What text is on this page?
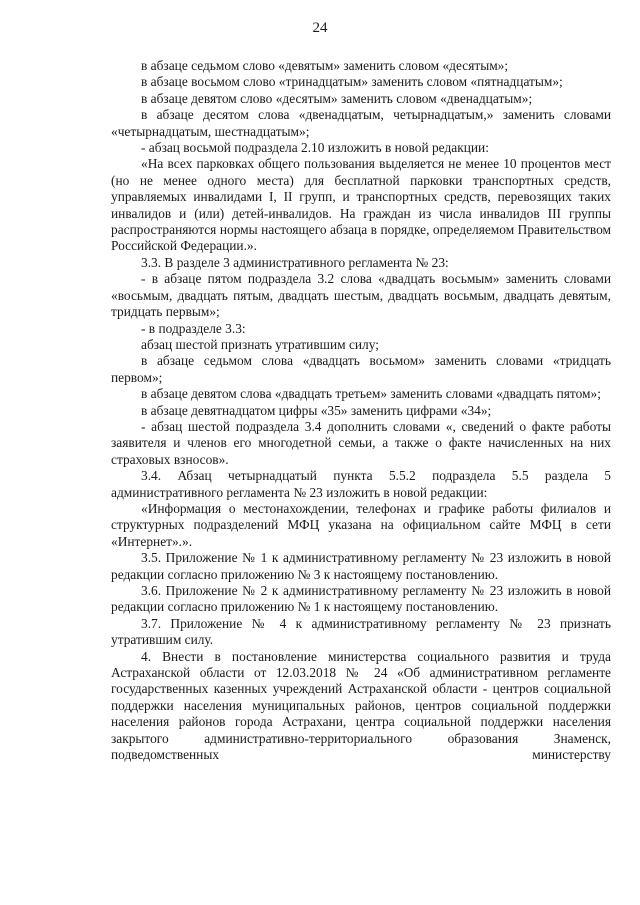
24

в абзаце седьмом слово «девятым» заменить словом «десятым»;

в абзаце восьмом слово «тринадцатым» заменить словом «пятнадцатым»;

в абзаце девятом слово «десятым» заменить словом «двенадцатым»;

в абзаце десятом слова «двенадцатым, четырнадцатым,» заменить словами «четырнадцатым, шестнадцатым»;

- абзац восьмой подраздела 2.10 изложить в новой редакции:

«На всех парковках общего пользования выделяется не менее 10 процентов мест (но не менее одного места) для бесплатной парковки транспортных средств, управляемых инвалидами I, II групп, и транспортных средств, перевозящих таких инвалидов и (или) детей-инвалидов. На граждан из числа инвалидов III группы распространяются нормы настоящего абзаца в порядке, определяемом Правительством Российской Федерации.».

3.3. В разделе 3 административного регламента № 23:

- в абзаце пятом подраздела 3.2 слова «двадцать восьмым» заменить словами «восьмым, двадцать пятым, двадцать шестым, двадцать восьмым, двадцать девятым, тридцать первым»;

- в подразделе 3.3:

абзац шестой признать утратившим силу;

в абзаце седьмом слова «двадцать восьмом» заменить словами «тридцать первом»;

в абзаце девятом слова «двадцать третьем» заменить словами «двадцать пятом»;

в абзаце девятнадцатом цифры «35» заменить цифрами «34»;

- абзац шестой подраздела 3.4 дополнить словами «, сведений о факте работы заявителя и членов его многодетной семьи, а также о факте начисленных на них страховых взносов».

3.4. Абзац четырнадцатый пункта 5.5.2 подраздела 5.5 раздела 5 административного регламента № 23 изложить в новой редакции:

«Информация о местонахождении, телефонах и графике работы филиалов и структурных подразделений МФЦ указана на официальном сайте МФЦ в сети «Интернет».».

3.5. Приложение № 1 к административному регламенту № 23 изложить в новой редакции согласно приложению № 3 к настоящему постановлению.

3.6. Приложение № 2 к административному регламенту № 23 изложить в новой редакции согласно приложению № 1 к настоящему постановлению.

3.7. Приложение № 4 к административному регламенту № 23 признать утратившим силу.

4. Внести в постановление министерства социального развития и труда Астраханской области от 12.03.2018 № 24 «Об административном регламенте государственных казенных учреждений Астраханской области - центров социальной поддержки населения муниципальных районов, центров социальной поддержки населения районов города Астрахани, центра социальной поддержки населения закрытого административно-территориального образования Знаменск, подведомственных министерству
